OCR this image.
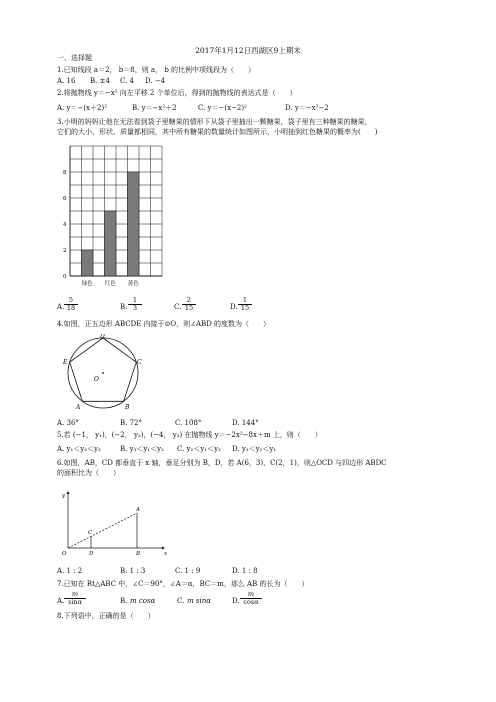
2017年1月12日西湖区9上期末
一、选择题
1.已知线段 a＝2， b＝8，则 a， b 的比例中项线段为（　　）
A. 16 B. ±4 C. 4 D. −4
2.将抛物线 y＝−x² 向左平移 2 个单位后，得到的抛物线的表达式是（　　）
A. y＝−(x＋2)²	B. y＝−x²＋2	C. y＝−(x−2)²	D. y＝−x²−2
3.小明的妈妈让他在无法看到袋子里糖果的情形下从袋子里抽出一颗糖果，袋子里有三种糖果的糖果，
它们的大小、形状、质量都相同，其中所有糖果的数量统计如图所示，小明抽到红色糖果的概率为(　　)
0
2
4
6
8
绿色 红色 黄色
A. $\frac{5}{18}$	B. $\frac{1}{3}$	C. $\frac{2}{15}$	D. $\frac{1}{15}$
4.如图，正五边形 ABCDE 内接于⊙O，则∠ABD 的度数为（　　）
D
C
B
A
E
O
A. 36°	B. 72°	C. 108°	D. 144°
5.若 (−1， y₁)，(−2， y₂)，(−4， y₃) 在抛物线 y＝−2x²−8x＋m 上，则（　　）
A. y₁＜y₂＜y₃	B. y₃＜y₁＜y₂ C. y₂＜y₁＜y₃ D. y₃＜y₂＜y₁
6.如图，AB，CD 都垂直于 x 轴，垂足分别为 B，D，若 A(6，3)，C(2，1)，则△OCD 与四边形 ABDC
的面积比为（　　）
y
x
O
A
B
C
D
A. 1 : 2	B. 1 : 3	C. 1 : 9	D. 1 : 8
7.已知在 Rt△ABC 中，∠C＝90°，∠A＝α，BC＝m，那么 AB 的长为（　　）
A. $\frac{m}{\sin\alpha}$	B. m cosα	C. m sinα	D. $\frac{m}{\cos\alpha}$
8.下列语中，正确的是（　　）
